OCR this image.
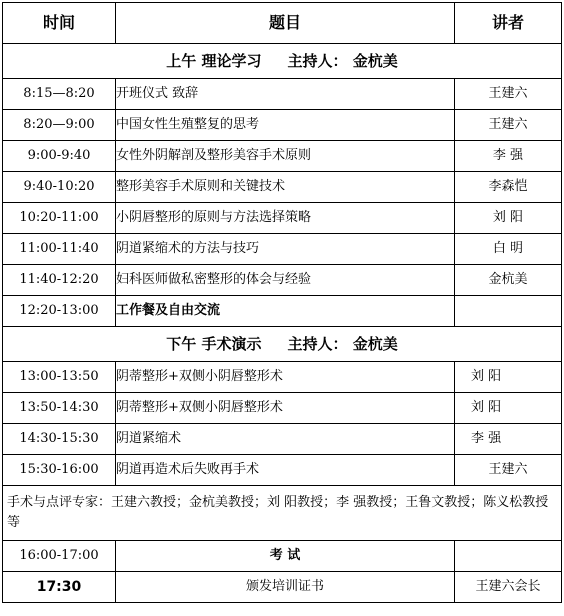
时间	题目	讲者
上午 理论学习 主持人： 金杭美		
8:15—8:20	开班仪式 致辞	王建六
8:20—9:00	中国女性生殖整复的思考	王建六
9:00-9:40	女性外阴解剖及整形美容手术原则	李 强
9:40-10:20	整形美容手术原则和关键技术	李森恺
10:20-11:00	小阴唇整形的原则与方法选择策略	刘 阳
11:00-11:40	阴道紧缩术的方法与技巧	白 明
11:40-12:20	妇科医师做私密整形的体会与经验	金杭美
12:20-13:00	工作餐及自由交流	
下午 手术演示 主持人： 金杭美		
13:00-13:50	阴蒂整形+双侧小阴唇整形术	刘 阳
13:50-14:30	阴蒂整形+双侧小阴唇整形术	刘 阳
14:30-15:30	阴道紧缩术	李 强
15:30-16:00	阴道再造术后失败再手术	王建六
手术与点评专家：王建六教授；金杭美教授；刘 阳教授；李 强教授；王鲁文教授；陈义松教授等		
16:00-17:00	考 试	
17:30	颁发培训证书	王建六会长
